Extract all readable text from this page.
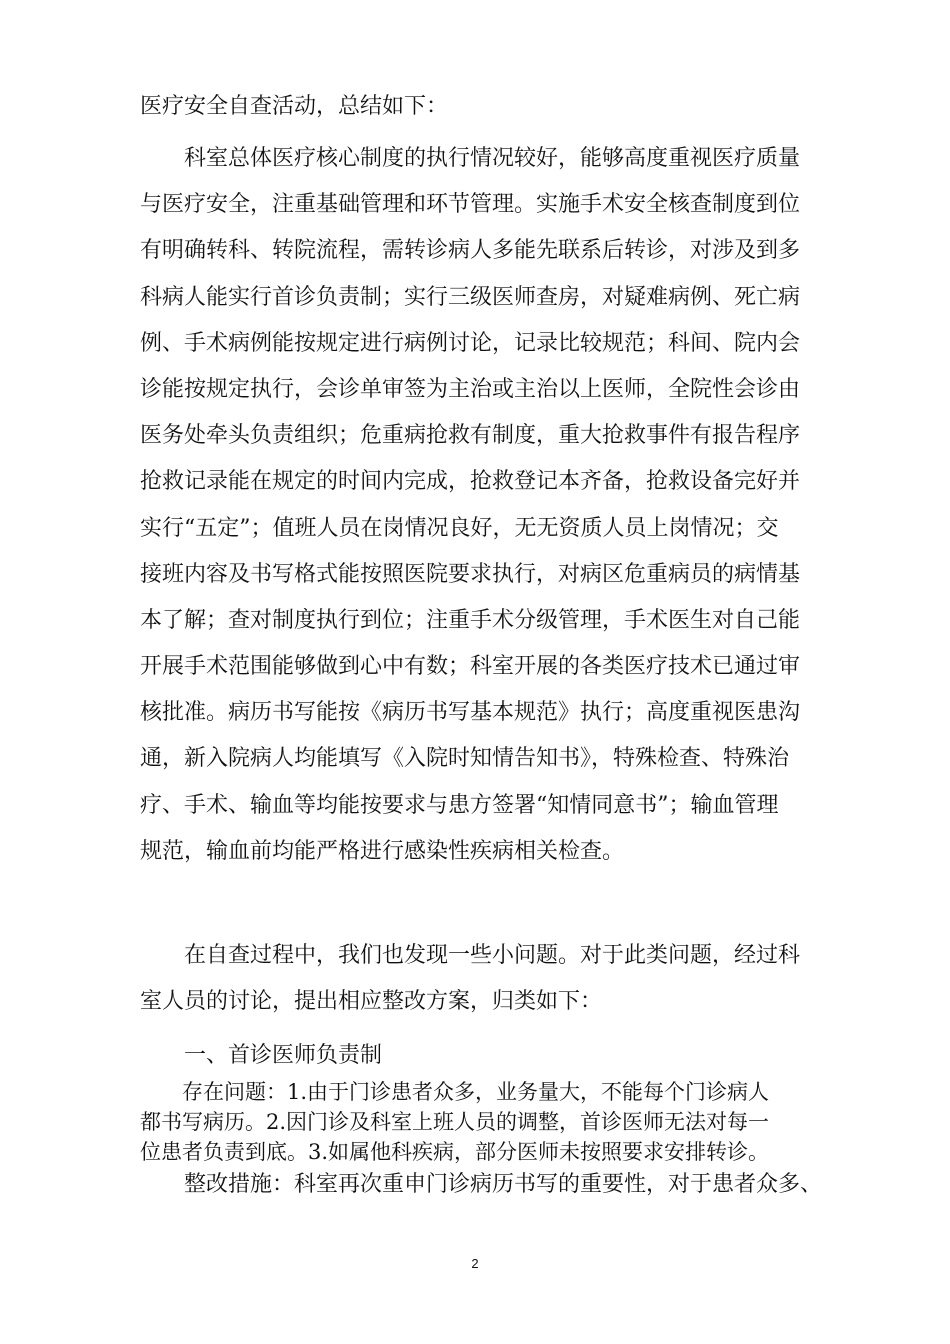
医疗安全自查活动，总结如下：
　　科室总体医疗核心制度的执行情况较好，能够高度重视医疗质量
与医疗安全，注重基础管理和环节管理。实施手术安全核查制度到位
有明确转科、转院流程，需转诊病人多能先联系后转诊，对涉及到多
科病人能实行首诊负责制；实行三级医师查房，对疑难病例、死亡病
例、手术病例能按规定进行病例讨论，记录比较规范；科间、院内会
诊能按规定执行，会诊单审签为主治或主治以上医师，全院性会诊由
医务处牵头负责组织；危重病抢救有制度，重大抢救事件有报告程序
抢救记录能在规定的时间内完成，抢救登记本齐备，抢救设备完好并
实行“五定”；值班人员在岗情况良好，无无资质人员上岗情况；交
接班内容及书写格式能按照医院要求执行，对病区危重病员的病情基
本了解；查对制度执行到位；注重手术分级管理，手术医生对自己能
开展手术范围能够做到心中有数；科室开展的各类医疗技术已通过审
核批准。病历书写能按《病历书写基本规范》执行；高度重视医患沟
通，新入院病人均能填写《入院时知情告知书》，特殊检查、特殊治
疗、手术、输血等均能按要求与患方签署“知情同意书”；输血管理
规范，输血前均能严格进行感染性疾病相关检查。
　　在自查过程中，我们也发现一些小问题。对于此类问题，经过科
室人员的讨论，提出相应整改方案，归类如下：
　　一、首诊医师负责制
　　存在问题：1.由于门诊患者众多，业务量大，不能每个门诊病人
都书写病历。2.因门诊及科室上班人员的调整，首诊医师无法对每一
位患者负责到底。3.如属他科疾病，部分医师未按照要求安排转诊。
　　整改措施：科室再次重申门诊病历书写的重要性，对于患者众多、
2
